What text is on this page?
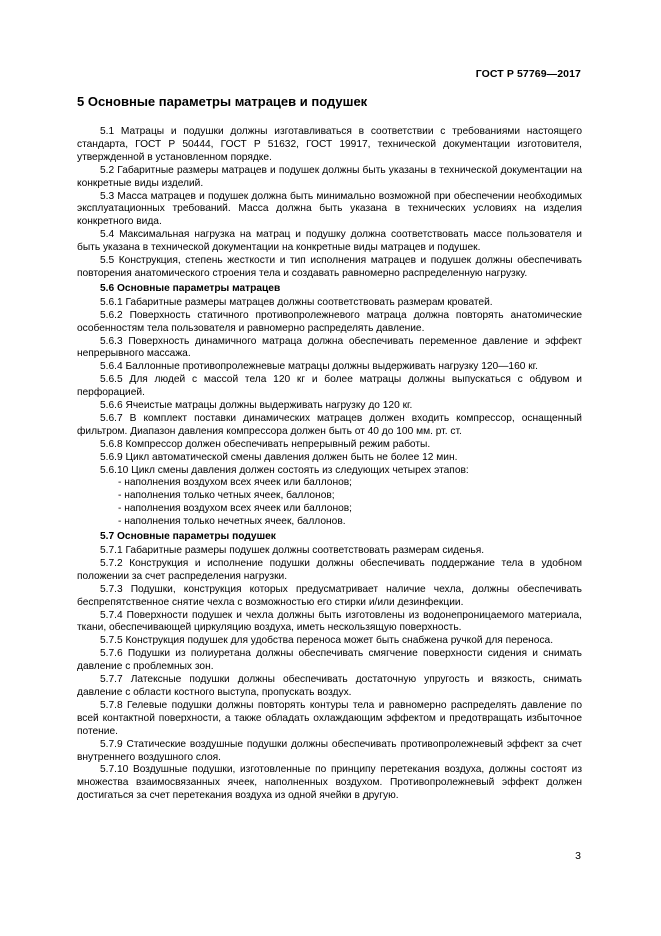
ГОСТ Р 57769—2017
5 Основные параметры матрацев и подушек

5.1 Матрацы и подушки должны изготавливаться в соответствии с требованиями настоящего стандарта, ГОСТ Р 50444, ГОСТ Р 51632, ГОСТ 19917, технической документации изготовителя, утвержденной в установленном порядке.

5.2 Габаритные размеры матрацев и подушек должны быть указаны в технической документации на конкретные виды изделий.

5.3 Масса матрацев и подушек должна быть минимально возможной при обеспечении необходимых эксплуатационных требований. Масса должна быть указана в технических условиях на изделия конкретного вида.

5.4 Максимальная нагрузка на матрац и подушку должна соответствовать массе пользователя и быть указана в технической документации на конкретные виды матрацев и подушек.

5.5 Конструкция, степень жесткости и тип исполнения матрацев и подушек должны обеспечивать повторения анатомического строения тела и создавать равномерно распределенную нагрузку.

5.6 Основные параметры матрацев

5.6.1 Габаритные размеры матрацев должны соответствовать размерам кроватей.

5.6.2 Поверхность статичного противопролежневого матраца должна повторять анатомические особенностям тела пользователя и равномерно распределять давление.

5.6.3 Поверхность динамичного матраца должна обеспечивать переменное давление и эффект непрерывного массажа.

5.6.4 Баллонные противопролежневые матрацы должны выдерживать нагрузку 120—160 кг.

5.6.5 Для людей с массой тела 120 кг и более матрацы должны выпускаться с обдувом и перфорацией.

5.6.6 Ячеистые матрацы должны выдерживать нагрузку до 120 кг.

5.6.7 В комплект поставки динамических матрацев должен входить компрессор, оснащенный фильтром. Диапазон давления компрессора должен быть от 40 до 100 мм. рт. ст.

5.6.8 Компрессор должен обеспечивать непрерывный режим работы.

5.6.9 Цикл автоматической смены давления должен быть не более 12 мин.

5.6.10 Цикл смены давления должен состоять из следующих четырех этапов:

- наполнения воздухом всех ячеек или баллонов;

- наполнения только четных ячеек, баллонов;

- наполнения воздухом всех ячеек или баллонов;

- наполнения только нечетных ячеек, баллонов.

5.7 Основные параметры подушек

5.7.1 Габаритные размеры подушек должны соответствовать размерам сиденья.

5.7.2 Конструкция и исполнение подушки должны обеспечивать поддержание тела в удобном положении за счет распределения нагрузки.

5.7.3 Подушки, конструкция которых предусматривает наличие чехла, должны обеспечивать беспрепятственное снятие чехла с возможностью его стирки и/или дезинфекции.

5.7.4 Поверхности подушек и чехла должны быть изготовлены из водонепроницаемого материала, ткани, обеспечивающей циркуляцию воздуха, иметь нескользящую поверхность.

5.7.5 Конструкция подушек для удобства переноса может быть снабжена ручкой для переноса.

5.7.6 Подушки из полиуретана должны обеспечивать смягчение поверхности сидения и снимать давление с проблемных зон.

5.7.7 Латексные подушки должны обеспечивать достаточную упругость и вязкость, снимать давление с области костного выступа, пропускать воздух.

5.7.8 Гелевые подушки должны повторять контуры тела и равномерно распределять давление по всей контактной поверхности, а также обладать охлаждающим эффектом и предотвращать избыточное потение.

5.7.9 Статические воздушные подушки должны обеспечивать противопролежневый эффект за счет внутреннего воздушного слоя.

5.7.10 Воздушные подушки, изготовленные по принципу перетекания воздуха, должны состоят из множества взаимосвязанных ячеек, наполненных воздухом. Противопролежневый эффект должен достигаться за счет перетекания воздуха из одной ячейки в другую.

3
